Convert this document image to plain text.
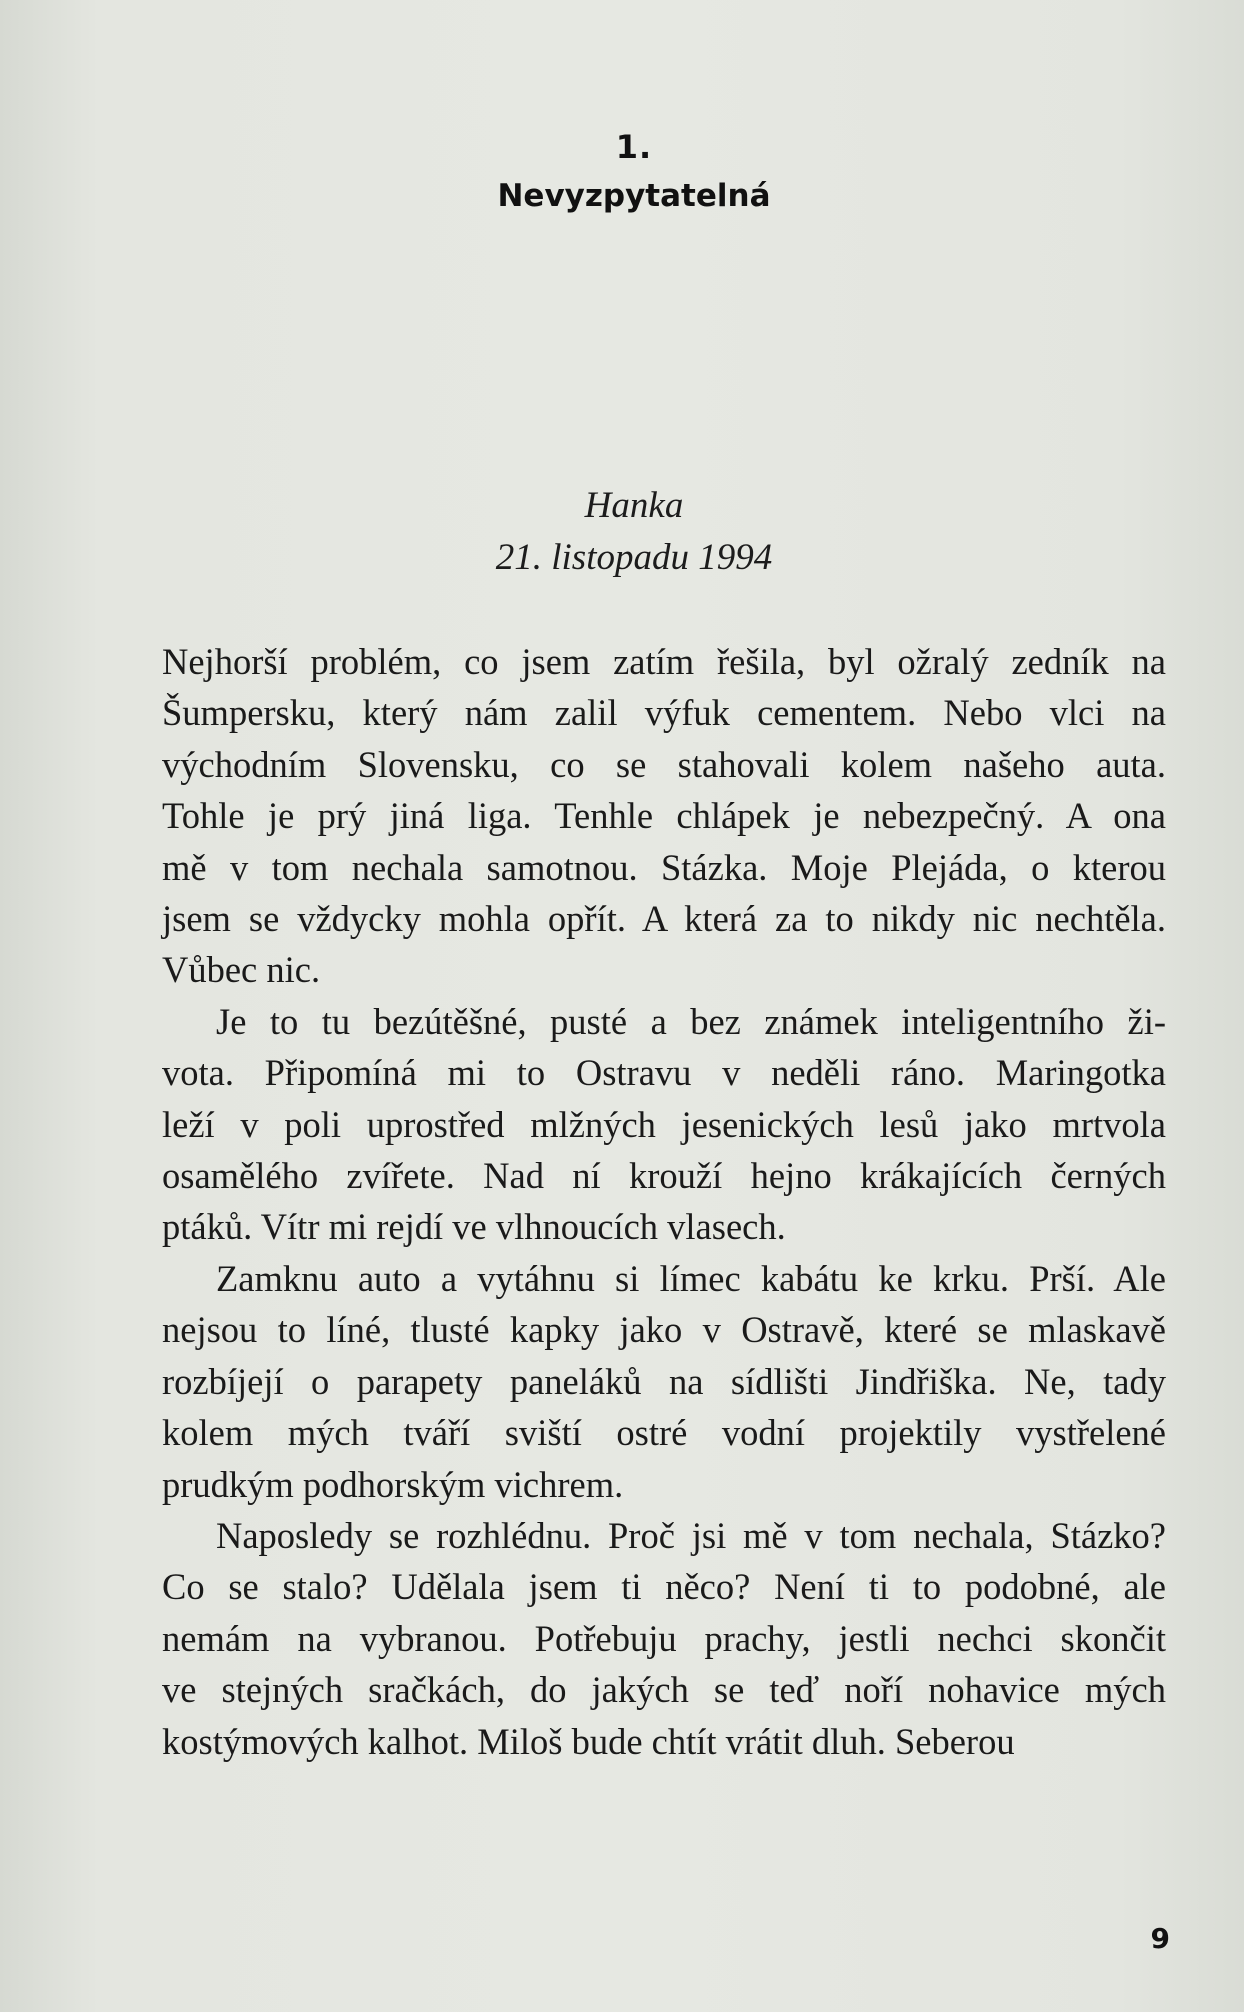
1.
Nevyzpytatelná
Hanka
21. listopadu 1994
Nejhorší problém, co jsem zatím řešila, byl ožralý zedník na
Šumpersku, který nám zalil výfuk cementem. Nebo vlci na
východním Slovensku, co se stahovali kolem našeho auta.
Tohle je prý jiná liga. Tenhle chlápek je nebezpečný. A ona
mě v tom nechala samotnou. Stázka. Moje Plejáda, o kterou
jsem se vždycky mohla opřít. A která za to nikdy nic nechtěla.
Vůbec nic.
Je to tu bezútěšné, pusté a bez známek inteligentního ži-
vota. Připomíná mi to Ostravu v neděli ráno. Maringotka
leží v poli uprostřed mlžných jesenických lesů jako mrtvola
osamělého zvířete. Nad ní krouží hejno krákajících černých
ptáků. Vítr mi rejdí ve vlhnoucích vlasech.
Zamknu auto a vytáhnu si límec kabátu ke krku. Prší. Ale
nejsou to líné, tlusté kapky jako v Ostravě, které se mlaskavě
rozbíjejí o parapety paneláků na sídlišti Jindřiška. Ne, tady
kolem mých tváří sviští ostré vodní projektily vystřelené
prudkým podhorským vichrem.
Naposledy se rozhlédnu. Proč jsi mě v tom nechala, Stázko?
Co se stalo? Udělala jsem ti něco? Není ti to podobné, ale
nemám na vybranou. Potřebuju prachy, jestli nechci skončit
ve stejných sračkách, do jakých se teď noří nohavice mých
kostýmových kalhot. Miloš bude chtít vrátit dluh. Seberou
9
